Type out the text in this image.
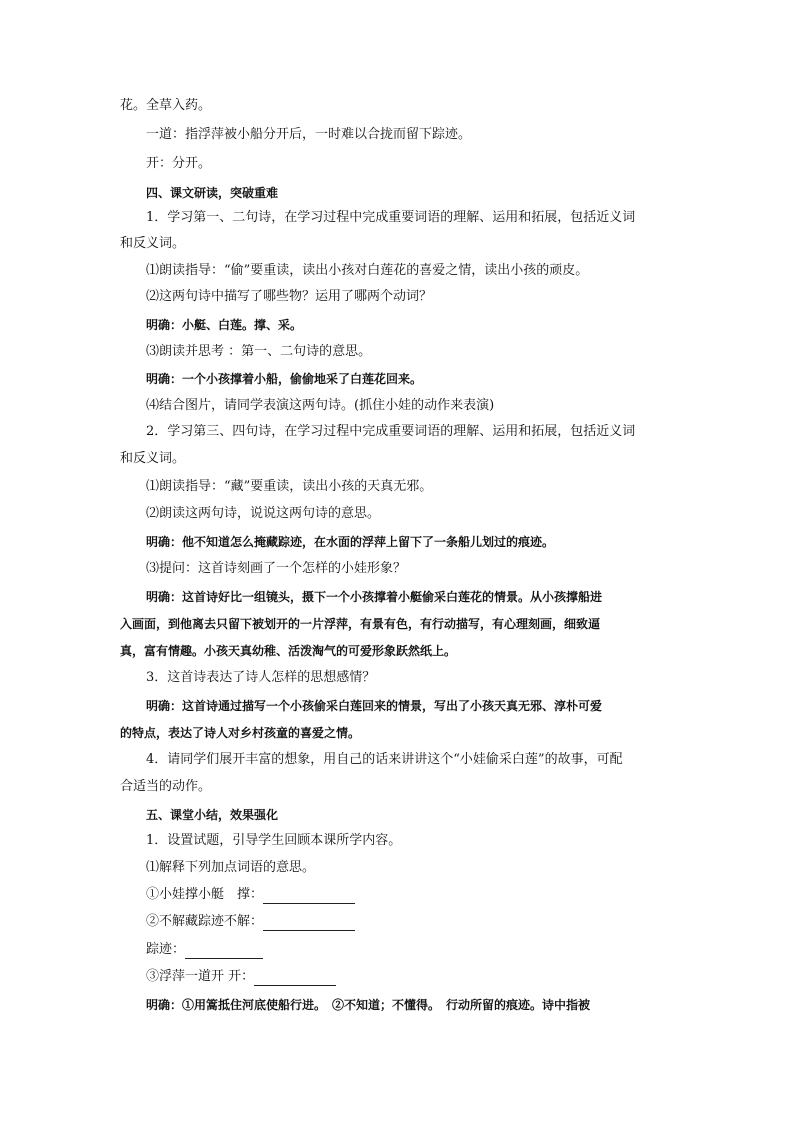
花。全草入药。
一道：指浮萍被小船分开后，一时难以合拢而留下踪迹。
开：分开。
四、课文研读，突破重难
1．学习第一、二句诗，在学习过程中完成重要词语的理解、运用和拓展，包括近义词
和反义词。
⑴朗读指导：“偷”要重读，读出小孩对白莲花的喜爱之情，读出小孩的顽皮。
⑵这两句诗中描写了哪些物？运用了哪两个动词？
明确：小艇、白莲。撑、采。
⑶朗读并思考 ：第一、二句诗的意思。
明确：一个小孩撑着小船，偷偷地采了白莲花回来。
⑷结合图片，请同学表演这两句诗。(抓住小娃的动作来表演)
2．学习第三、四句诗，在学习过程中完成重要词语的理解、运用和拓展，包括近义词
和反义词。
⑴朗读指导：“藏”要重读，读出小孩的天真无邪。
⑵朗读这两句诗，说说这两句诗的意思。
明确：他不知道怎么掩藏踪迹，在水面的浮萍上留下了一条船儿划过的痕迹。
⑶提问：这首诗刻画了一个怎样的小娃形象？
明确：这首诗好比一组镜头，摄下一个小孩撑着小艇偷采白莲花的情景。从小孩撑船进
入画面，到他离去只留下被划开的一片浮萍，有景有色，有行动描写，有心理刻画，细致逼
真，富有情趣。小孩天真幼稚、活泼淘气的可爱形象跃然纸上。
3．这首诗表达了诗人怎样的思想感情？
明确：这首诗通过描写一个小孩偷采白莲回来的情景，写出了小孩天真无邪、淳朴可爱
的特点，表达了诗人对乡村孩童的喜爱之情。
4．请同学们展开丰富的想象，用自己的话来讲讲这个“小娃偷采白莲”的故事，可配
合适当的动作。
五、课堂小结，效果强化
1．设置试题，引导学生回顾本课所学内容。
⑴解释下列加点词语的意思。
①小娃撑小艇　撑：
②不解藏踪迹不解：
踪迹：
③浮萍一道开 开：
明确：①用篙抵住河底使船行进。　②不知道；不懂得。　行动所留的痕迹。诗中指被
